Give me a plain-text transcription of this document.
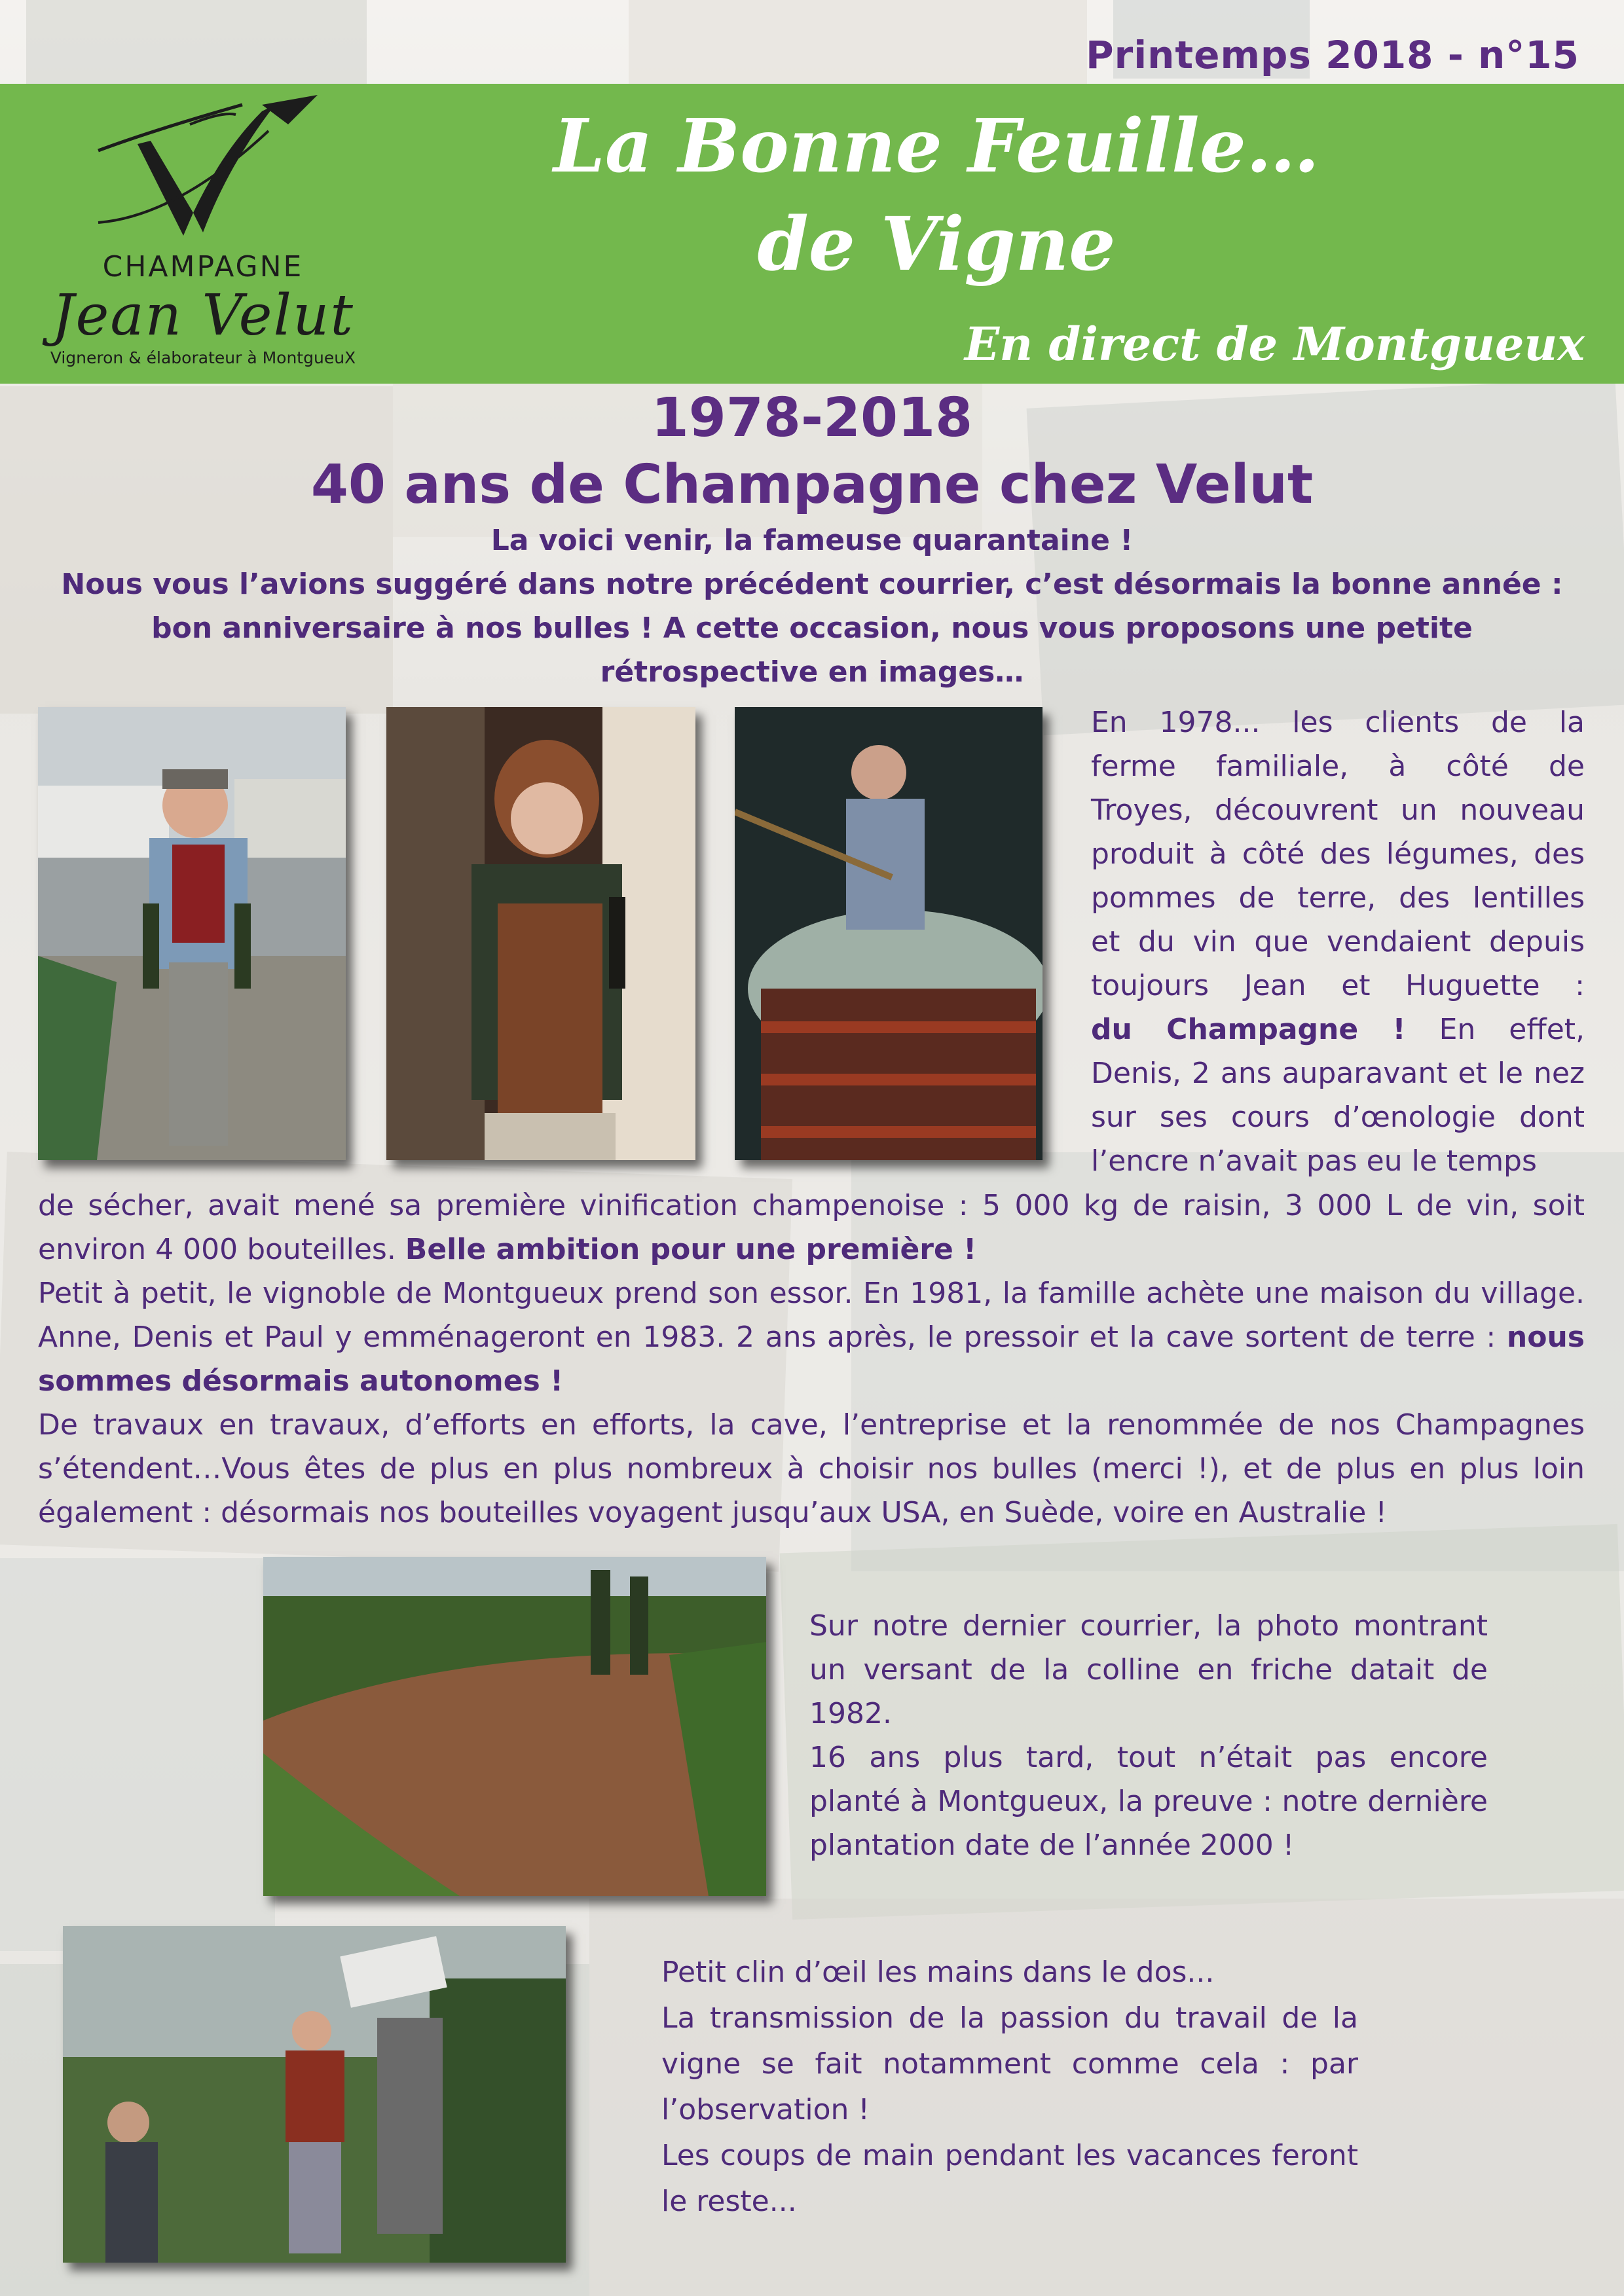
Printemps 2018 - n°15
CHAMPAGNE
Jean Velut
Vigneron & élaborateur à MontgueuX
La Bonne Feuille…
de Vigne
En direct de Montgueux
1978-2018
40 ans de Champagne chez Velut

La voici venir, la fameuse quarantaine !

Nous vous l’avions suggéré dans notre précédent courrier, c’est désormais la bonne année : bon anniversaire à nos bulles ! A cette occasion, nous vous proposons une petite rétrospective en images…

En 1978... les clients de la

ferme familiale, à côté de

Troyes, découvrent un nouveau

produit à côté des légumes, des

pommes de terre, des lentilles

et du vin que vendaient depuis

toujours Jean et Huguette :

du Champagne ! En effet,

Denis, 2 ans auparavant et le nez

sur ses cours d’œnologie dont

l’encre n’avait pas eu le temps

de sécher, avait mené sa première vinification champenoise : 5 000 kg de raisin, 3 000 L de vin, soit environ 4 000 bouteilles. Belle ambition pour une première !

Petit à petit, le vignoble de Montgueux prend son essor. En 1981, la famille achète une maison du village. Anne, Denis et Paul y emménageront en 1983. 2 ans après, le pressoir et la cave sortent de terre : nous sommes désormais autonomes !

De travaux en travaux, d’efforts en efforts, la cave, l’entreprise et la renommée de nos Champagnes s’étendent…Vous êtes de plus en plus nombreux à choisir nos bulles (merci !), et de plus en plus loin également : désormais nos bouteilles voyagent jusqu’aux USA, en Suède, voire en Australie !

Sur notre dernier courrier, la photo montrant un versant de la colline en friche datait de 1982.

16 ans plus tard, tout n’était pas encore planté à Montgueux, la preuve : notre dernière plantation date de l’année 2000 !

Petit clin d’œil les mains dans le dos...

La transmission de la passion du travail de la vigne se fait notamment comme cela : par l’observation !

Les coups de main pendant les vacances feront le reste...
